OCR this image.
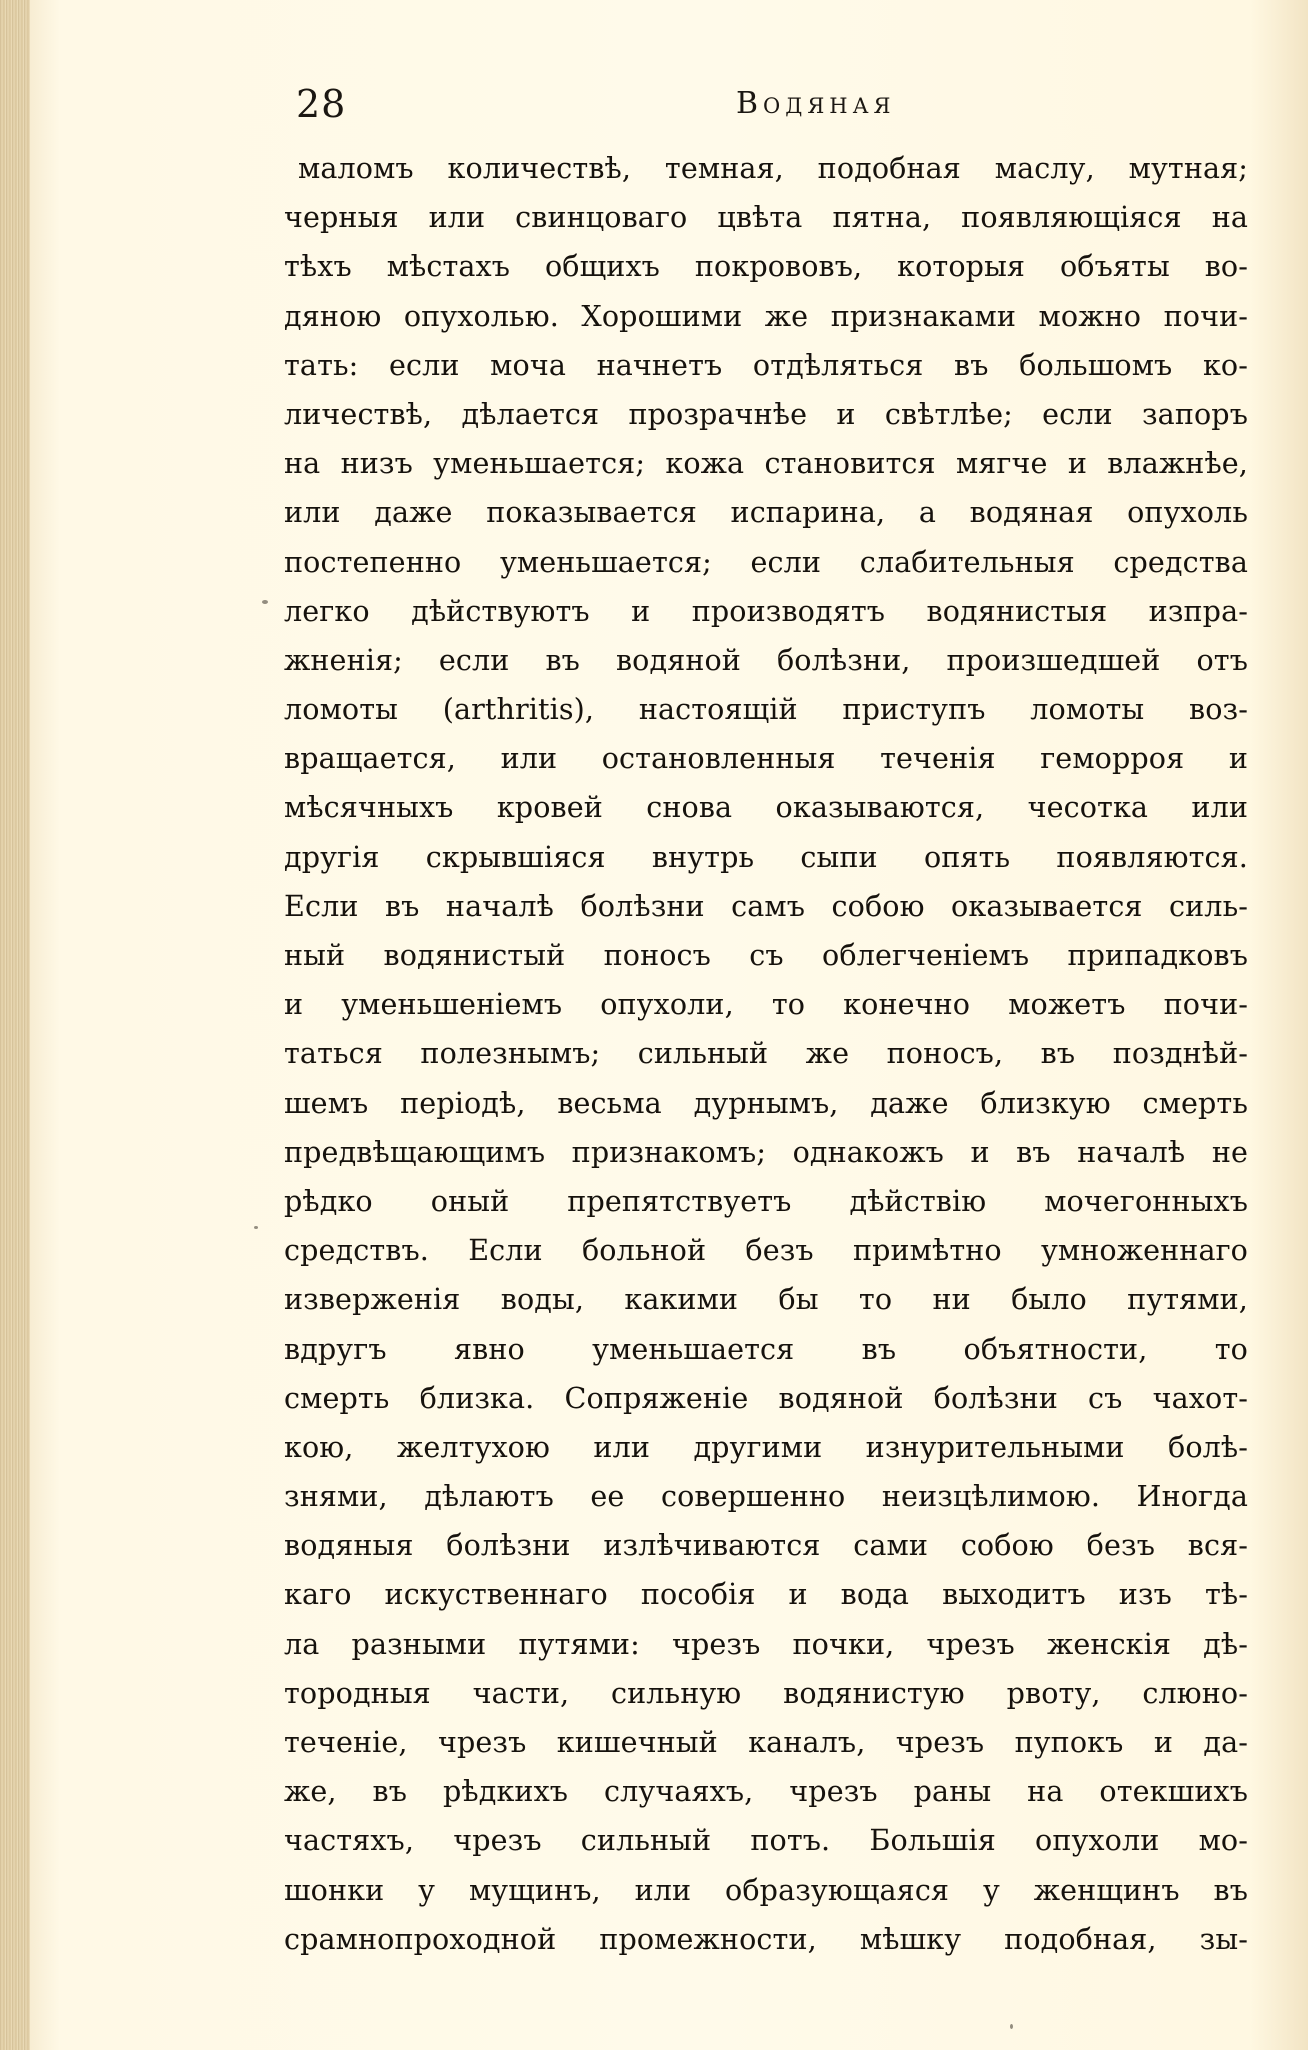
28	Водяная
маломъ количествѣ, темная, подобная маслу, мутная;
черныя или свинцоваго цвѣта пятна, появляющіяся на
тѣхъ мѣстахъ общихъ покрововъ, которыя объяты во-
дяною опухолью. Хорошими же признаками можно почи-
тать: если моча начнетъ отдѣляться въ большомъ ко-
личествѣ, дѣлается прозрачнѣе и свѣтлѣе; если запоръ
на низъ уменьшается; кожа становится мягче и влажнѣе,
или даже показывается испарина, а водяная опухоль
постепенно уменьшается; если слабительныя средства
легко дѣйствуютъ и производятъ водянистыя изпра-
жненія; если въ водяной болѣзни, произшедшей отъ
ломоты (arthritis), настоящій приступъ ломоты воз-
вращается, или остановленныя теченія геморроя и
мѣсячныхъ кровей снова оказываются, чесотка или
другія скрывшіяся внутрь сыпи опять появляются.
Если въ началѣ болѣзни самъ собою оказывается силь-
ный водянистый поносъ съ облегченіемъ припадковъ
и уменьшеніемъ опухоли, то конечно можетъ почи-
таться полезнымъ; сильный же поносъ, въ позднѣй-
шемъ періодѣ, весьма дурнымъ, даже близкую смерть
предвѣщающимъ признакомъ; однакожъ и въ началѣ не
рѣдко оный препятствуетъ дѣйствію мочегонныхъ
средствъ. Если больной безъ примѣтно умноженнаго
изверженія воды, какими бы то ни было путями,
вдругъ явно уменьшается въ объятности, то
смерть близка. Сопряженіе водяной болѣзни съ чахот-
кою, желтухою или другими изнурительными болѣ-
знями, дѣлаютъ ее совершенно неизцѣлимою. Иногда
водяныя болѣзни излѣчиваются сами собою безъ вся-
каго искуственнаго пособія и вода выходитъ изъ тѣ-
ла разными путями: чрезъ почки, чрезъ женскія дѣ-
тородныя части, сильную водянистую рвоту, слюно-
теченіе, чрезъ кишечный каналъ, чрезъ пупокъ и да-
же, въ рѣдкихъ случаяхъ, чрезъ раны на отекшихъ
частяхъ, чрезъ сильный потъ. Большія опухоли мо-
шонки у мущинъ, или образующаяся у женщинъ въ
срамнопроходной промежности, мѣшку подобная, зы-
